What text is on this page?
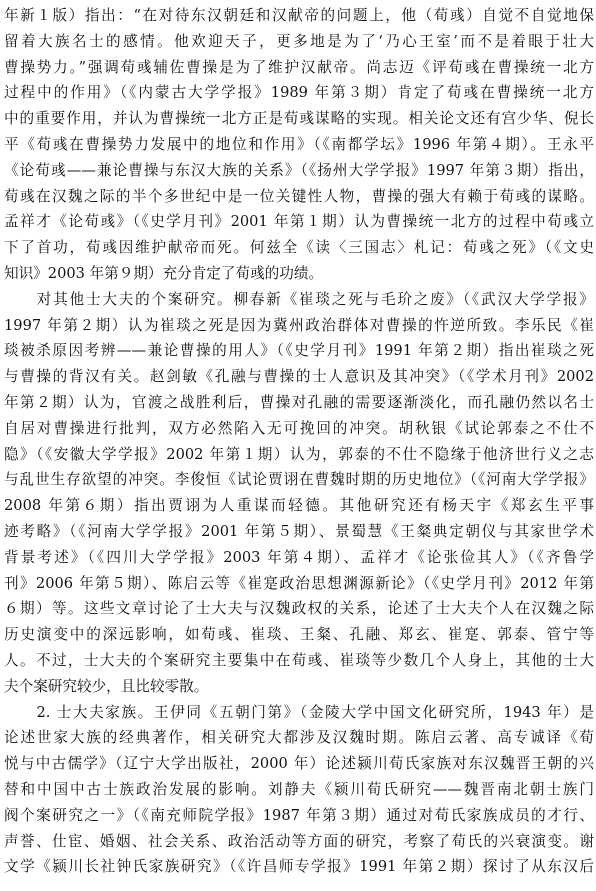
年新１版）指出：“在对待东汉朝廷和汉献帝的问题上，他（荀彧）自觉不自觉地保
留着大族名士的感情。他欢迎天子，更多地是为了‘乃心王室’而不是着眼于壮大
曹操势力。”强调荀彧辅佐曹操是为了维护汉献帝。尚志迈《评荀彧在曹操统一北方
过程中的作用》（《内蒙古大学学报》1989 年第３期）肯定了荀彧在曹操统一北方
中的重要作用，并认为曹操统一北方正是荀彧谋略的实现。相关论文还有宫少华、倪长
平《荀彧在曹操势力发展中的地位和作用》（《南都学坛》1996 年第４期）。王永平
《论荀彧——兼论曹操与东汉大族的关系》（《扬州大学学报》1997 年第３期）指出，
荀彧在汉魏之际的半个多世纪中是一位关键性人物，曹操的强大有赖于荀彧的谋略。
孟祥才《论荀彧》（《史学月刊》2001 年第１期）认为曹操统一北方的过程中荀彧立
下了首功，荀彧因维护献帝而死。何兹全《读〈三国志〉札记：荀彧之死》（《文史
知识》2003 年第９期）充分肯定了荀彧的功绩。
　　对其他士大夫的个案研究。柳春新《崔琰之死与毛玠之废》（《武汉大学学报》
1997 年第２期）认为崔琰之死是因为冀州政治群体对曹操的忤逆所致。李乐民《崔
琰被杀原因考辨——兼论曹操的用人》（《史学月刊》1991 年第２期）指出崔琰之死
与曹操的背汉有关。赵剑敏《孔融与曹操的士人意识及其冲突》（《学术月刊》2002
年第２期）认为，官渡之战胜利后，曹操对孔融的需要逐渐淡化，而孔融仍然以名士
自居对曹操进行批判，双方必然陷入无可挽回的冲突。胡秋银《试论郭泰之不仕不
隐》（《安徽大学学报》2002 年第１期）认为，郭泰的不仕不隐缘于他济世行义之志
与乱世生存欲望的冲突。李俊恒《试论贾诩在曹魏时期的历史地位》（《河南大学学报》
2008 年第６期）指出贾诩为人重谋而轻德。其他研究还有杨天宇《郑玄生平事
迹考略》（《河南大学学报》2001 年第５期）、景蜀慧《王粲典定朝仪与其家世学术
背景考述》（《四川大学学报》2003 年第４期）、孟祥才《论张俭其人》（《齐鲁学
刊》2006 年第５期）、陈启云等《崔寔政治思想渊源新论》（《史学月刊》2012 年第
６期）等。这些文章讨论了士大夫与汉魏政权的关系，论述了士大夫个人在汉魏之际
历史演变中的深远影响，如荀彧、崔琰、王粲、孔融、郑玄、崔寔、郭泰、管宁等
人。不过，士大夫的个案研究主要集中在荀彧、崔琰等少数几个人身上，其他的士大
夫个案研究较少，且比较零散。
　　2. 士大夫家族。王伊同《五朝门第》（金陵大学中国文化研究所，1943 年）是
论述世家大族的经典著作，相关研究大都涉及汉魏时期。陈启云著、高专诚译《荀
悦与中古儒学》（辽宁大学出版社，2000 年）论述颍川荀氏家族对东汉魏晋王朝的兴
替和中国中古士族政治发展的影响。刘静夫《颍川荀氏研究——魏晋南北朝士族门
阀个案研究之一》（《南充师院学报》1987 年第３期）通过对荀氏家族成员的才行、
声誉、仕宦、婚姻、社会关系、政治活动等方面的研究，考察了荀氏的兴衰演变。谢
文学《颍川长社钟氏家族研究》（《许昌师专学报》1991 年第２期）探讨了从东汉后
